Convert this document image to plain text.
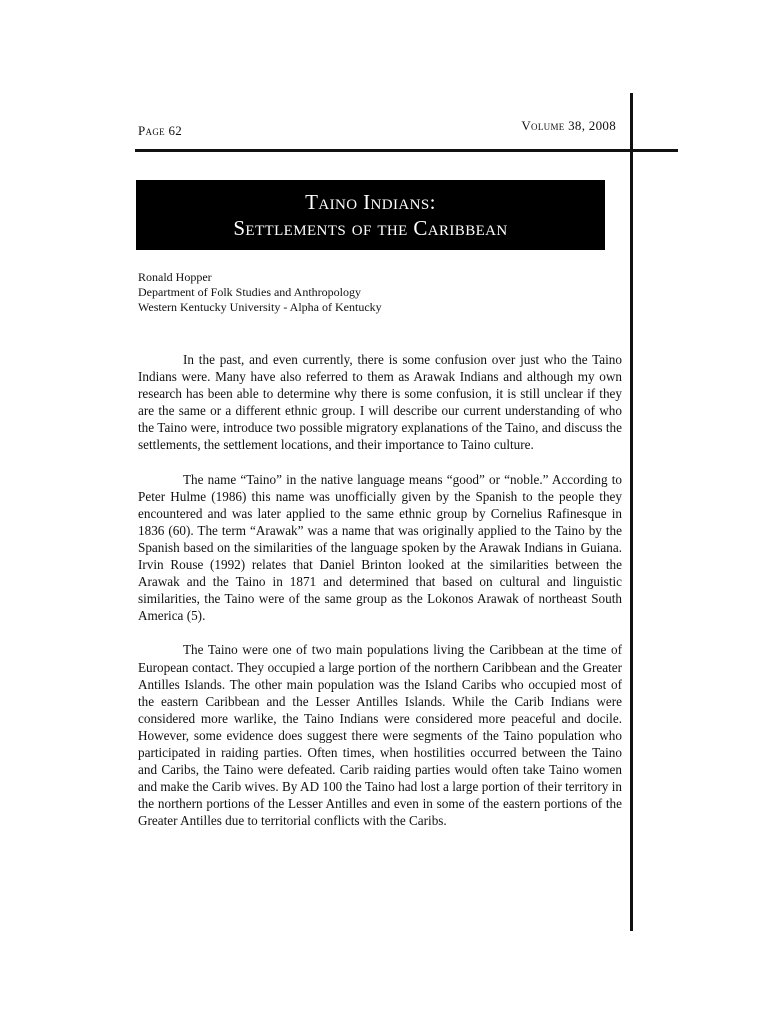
Page 62	Volume 38, 2008
Taino Indians:
Settlements of the Caribbean
Ronald Hopper
Department of Folk Studies and Anthropology
Western Kentucky University - Alpha of Kentucky

In the past, and even currently, there is some confusion over just who the Taino Indians were. Many have also referred to them as Arawak Indians and although my own research has been able to determine why there is some confusion, it is still unclear if they are the same or a different ethnic group. I will describe our current understanding of who the Taino were, introduce two possible migratory explanations of the Taino, and discuss the settlements, the settlement locations, and their importance to Taino culture.

The name “Taino” in the native language means “good” or “noble.” According to Peter Hulme (1986) this name was unofficially given by the Spanish to the people they encountered and was later applied to the same ethnic group by Cornelius Rafinesque in 1836 (60). The term “Arawak” was a name that was originally applied to the Taino by the Spanish based on the similarities of the language spoken by the Arawak Indians in Guiana. Irvin Rouse (1992) relates that Daniel Brinton looked at the similarities between the Arawak and the Taino in 1871 and determined that based on cultural and linguistic similarities, the Taino were of the same group as the Lokonos Arawak of northeast South America (5).

The Taino were one of two main populations living the Caribbean at the time of European contact. They occupied a large portion of the northern Caribbean and the Greater Antilles Islands. The other main population was the Island Caribs who occupied most of the eastern Caribbean and the Lesser Antilles Islands. While the Carib Indians were considered more warlike, the Taino Indians were considered more peaceful and docile. However, some evidence does suggest there were segments of the Taino population who participated in raiding parties. Often times, when hostilities occurred between the Taino and Caribs, the Taino were defeated. Carib raiding parties would often take Taino women and make the Carib wives. By AD 100 the Taino had lost a large portion of their territory in the northern portions of the Lesser Antilles and even in some of the eastern portions of the Greater Antilles due to territorial conflicts with the Caribs.
